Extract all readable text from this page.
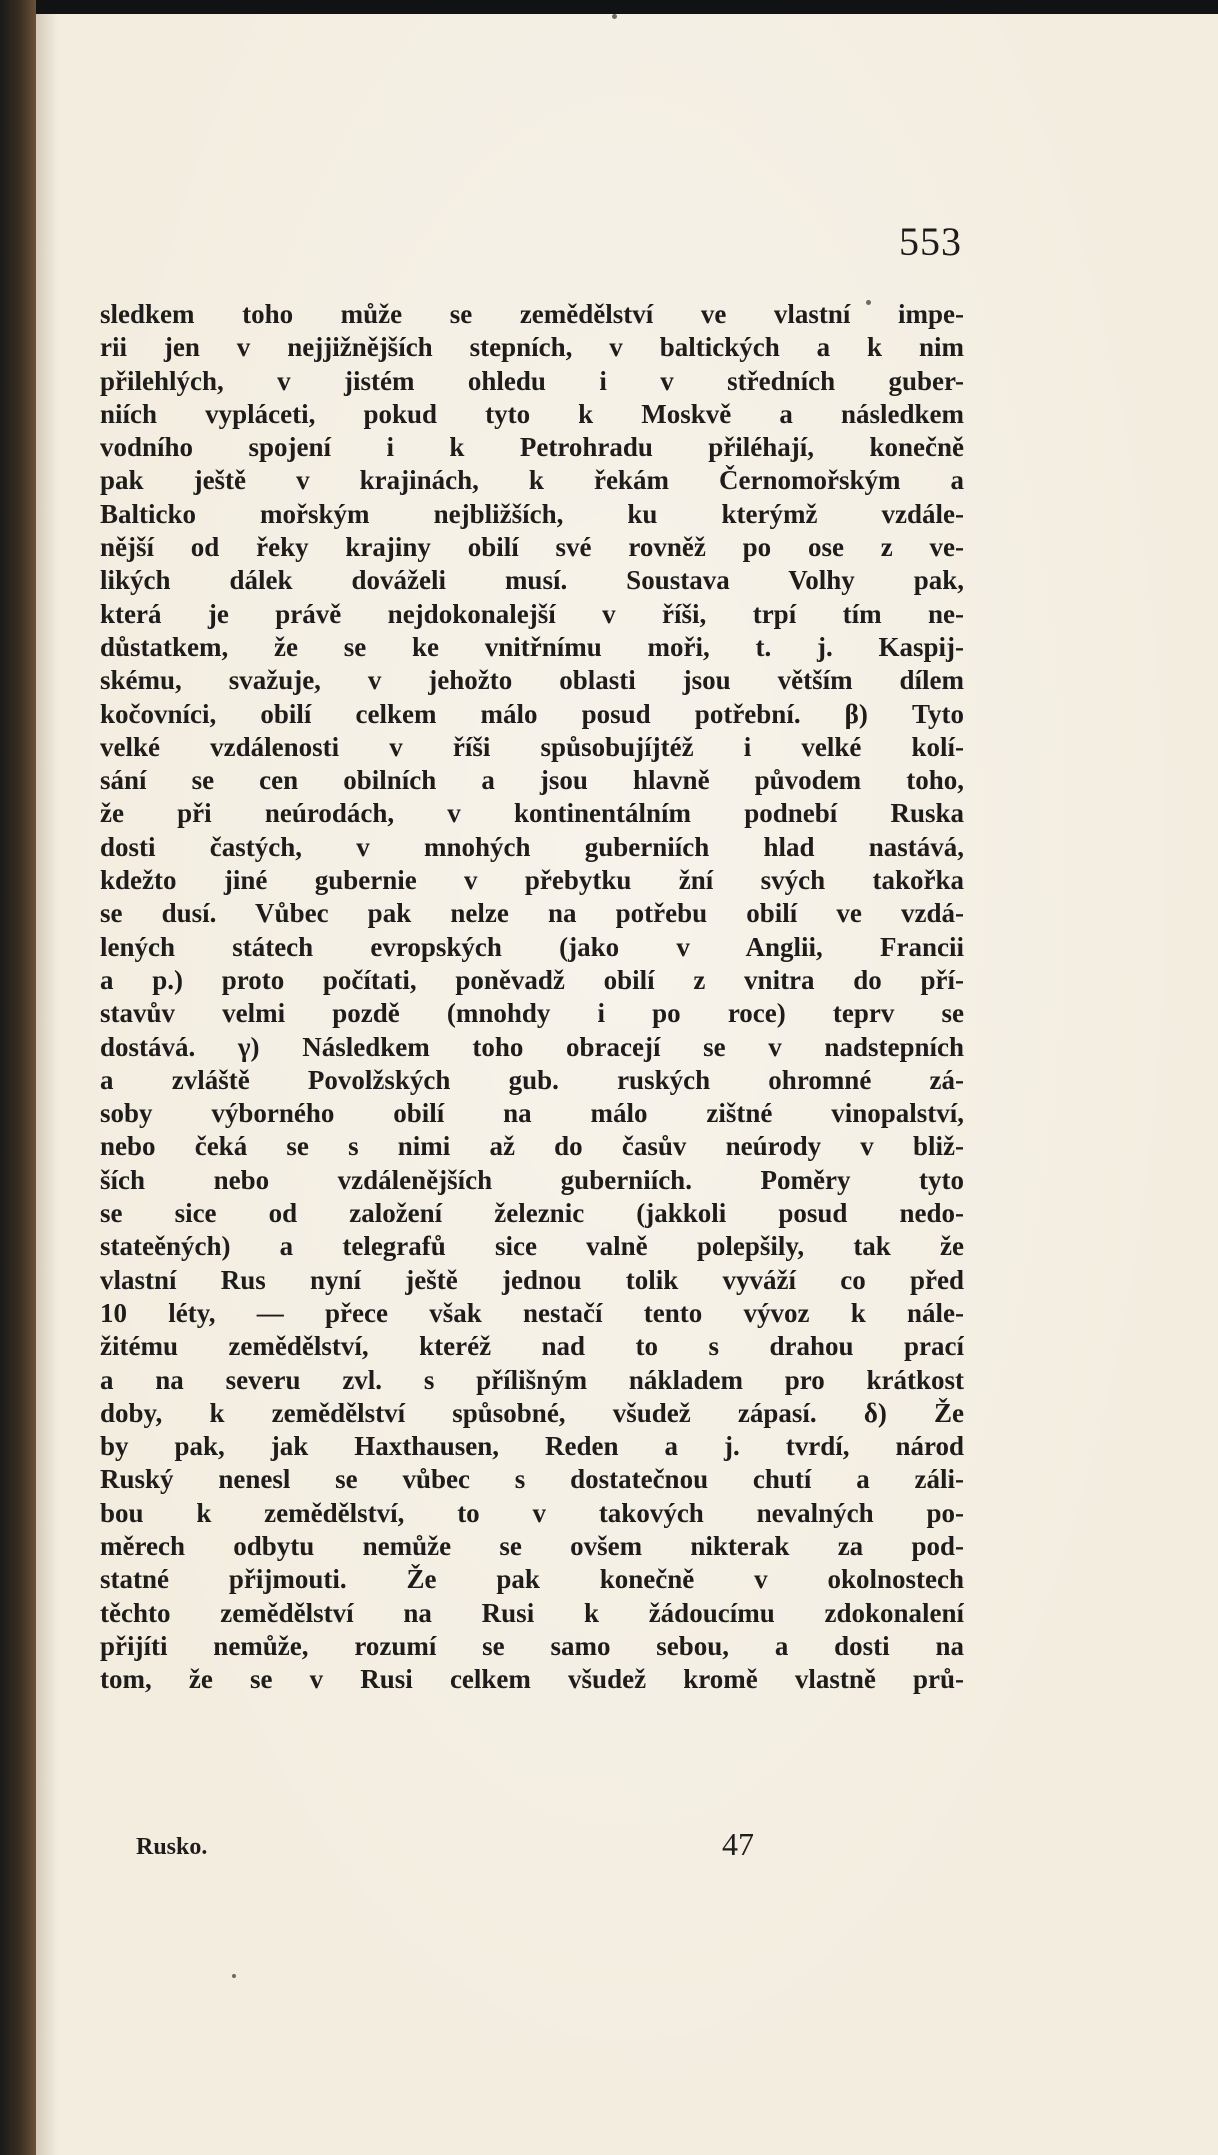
553
sledkem toho může se zemědělství ve vlastní impe-
rii jen v nejjižnějších stepních, v baltických a k nim
přilehlých, v jistém ohledu i v středních guber-
niích vypláceti, pokud tyto k Moskvě a následkem
vodního spojení i k Petrohradu přiléhají, konečně
pak ještě v krajinách, k řekám Černomořským a
Balticko mořským nejbližších, ku kterýmž vzdále-
nější od řeky krajiny obilí své rovněž po ose z ve-
likých dálek dováželi musí. Soustava Volhy pak,
která je právě nejdokonalejší v říši, trpí tím ne-
důstatkem, že se ke vnitřnímu moři, t. j. Kaspij-
skému, svažuje, v jehožto oblasti jsou větším dílem
kočovníci, obilí celkem málo posud potřební. β) Tyto
velké vzdálenosti v říši spůsobujíjtéž i velké kolí-
sání se cen obilních a jsou hlavně původem toho,
že při neúrodách, v kontinentálním podnebí Ruska
dosti častých, v mnohých guberniích hlad nastává,
kdežto jiné gubernie v přebytku žní svých takořka
se dusí. Vůbec pak nelze na potřebu obilí ve vzdá-
lených státech evropských (jako v Anglii, Francii
a p.) proto počítati, poněvadž obilí z vnitra do pří-
stavův velmi pozdě (mnohdy i po roce) teprv se
dostává. γ) Následkem toho obracejí se v nadstepních
a zvláště Povolžských gub. ruských ohromné zá-
soby výborného obilí na málo zištné vinopalství,
nebo čeká se s nimi až do časův neúrody v bliž-
ších nebo vzdálenějších guberniích. Poměry tyto
se sice od založení železnic (jakkoli posud nedo-
stateěných) a telegrafů sice valně polepšily, tak že
vlastní Rus nyní ještě jednou tolik vyváží co před
10 léty, — přece však nestačí tento vývoz k nále-
žitému zemědělství, kteréž nad to s drahou prací
a na severu zvl. s přílišným nákladem pro krátkost
doby, k zemědělství spůsobné, všudež zápasí. δ) Že
by pak, jak Haxthausen, Reden a j. tvrdí, národ
Ruský nenesl se vůbec s dostatečnou chutí a záli-
bou k zemědělství, to v takových nevalných po-
měrech odbytu nemůže se ovšem nikterak za pod-
statné přijmouti. Že pak konečně v okolnostech
těchto zemědělství na Rusi k žádoucímu zdokonalení
přijíti nemůže, rozumí se samo sebou, a dosti na
tom, že se v Rusi celkem všudež kromě vlastně prů-
Rusko.	47
